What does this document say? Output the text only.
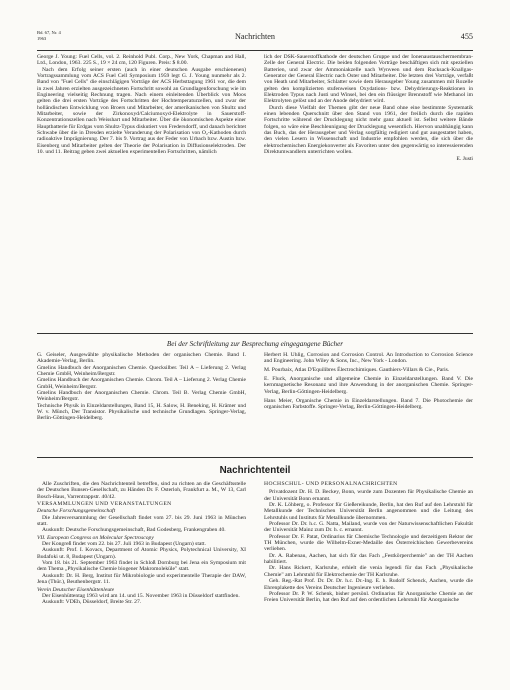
Bd. 67, Nr. 4
1963	Nachrichten	455

George J. Young: Fuel Cells, vol. 2. Reinhold Publ. Corp., New York, Chapman and Hall, Ltd., London, 1963. 225 S., 19 × 24 cm, 120 Figuren. Preis: $ 8.00.

Nach dem Erfolg seiner ersten (auch in einer deutschen Ausgabe erschienenen) Vortragssammlung vom ACS Fuel Cell Symposium 1959 legt G. J. Young nunmehr als 2. Band von "Fuel Cells" die einschlägigen Vorträge der ACS Herbsttagung 1961 vor, die dem in zwei Jahren erzielten ausgezeichneten Fortschritt sowohl an Grundlagenforschung wie im Engineering vielseitig Rechnung tragen. Nach einem einleitenden Überblick von Moos gelten die drei ersten Vorträge des Fortschritten der Hochtemperaturzellen, und zwar der holländischen Entwicklung von Broers und Mitarbeiter, der amerikanischen von Shultz und Mitarbeiter, sowie der Zirkonoxyd/Calciumoxyd-Elektrolyte in Sauerstoff-Konzentrationszellen nach Weisshart und Mitarbeiter. Über die ökonomischen Aspekte einer Hauptbatterie für Erdgas vom Shultz-Typus diskutiert von Fredersdorff, und danach berichtet Schwabe über die in Dresden erzielte Veranderung der Polarisation von O₂-Kathoden durch radioaktive Imprägnierung. Der 7. bis 9. Vortrag aus der Feder von Urbach bzw. Austin bzw. Eisenberg und Mitarbeiter gelten der Theorie der Polarisation in Diffusionselektroden. Der 10. und 11. Beitrag geben zwei aktuellen experimentellen Fortschritten, nämlich

lich der DSK-Sauerstoffkathode der deutschen Gruppe und der Ionenaustauschermembran-Zelle der General Electric. Die beiden folgenden Vorträge beschäftigen sich mit speziellen Batterien, und zwar der Ammoniakzelle nach Wynveen und dem Rucksack-Knallgas-Generator der General Electric nach Oster und Mitarbeiter. Die letzten drei Vorträge, verfaßt von Heath und Mitarbeiter, Schlatter sowie dem Herausgeber Young zusammen mit Rozelle gelten den komplizierten stufenweisen Oxydations- bzw. Dehydrierungs-Reaktionen in Elektroden Typus nach Justi und Winsel, bei den ein flüssiger Brennstoff wie Methanol im Elektrolyten gelöst und an der Anode dehydriert wird.

Durch diese Vielfalt der Themen gibt der neue Band ohne eine bestimmte Systematik einen lebenden Querschnitt über den Stand von 1961, der freilich durch die rapiden Fortschritte während der Drucklegung nicht mehr ganz aktuell ist. Selbst weitere Bände folgen, so wäre eine Beschleunigung der Drucklegung wesentlich. Hiervon unabhängig kann das Buch, das der Herausgeber und Verlag sorgfältig redigiert und gut ausgestattet haben, den vielen Lesern in Wissenschaft und Industrie empfohlen werden, die sich über die elektrochemischen Energiekonverter als Favoriten unter den gegenwärtig so interessierenden Direktumwandlern unterrichten wollen.

E. Justi

Bei der Schriftleitung zur Besprechung eingegangene Bücher

G. Geiseler, Ausgewählte physikalische Methoden der organischen Chemie. Band I. Akademie-Verlag, Berlin.

Gmelins Handbuch der Anorganischen Chemie. Quecksilber. Teil A – Lieferung 2. Verlag Chemie GmbH, Weinheim/Bergstr.

Gmelins Handbuch der Anorganischen Chemie. Chrom. Teil A – Lieferung 2. Verlag Chemie GmbH, Weinheim/Bergstr.

Gmelins Handbuch der Anorganischen Chemie. Chrom. Teil B. Verlag Chemie GmbH, Weinheim/Bergstr.

Technische Physik in Einzeldarstellungen, Band 15, H. Salow, H. Beneking, H. Krämer und W. v. Münch, Der Transistor. Physikalische und technische Grundlagen. Springer-Verlag, Berlin-Göttingen-Heidelberg.

Herbert H. Uhlig, Corrosion and Corrosion Control. An Introduction to Corrosion Science and Engineering. John Wiley & Sons, Inc., New York - London.

M. Pourbaix, Atlas D'Equilibres Électrochimiques. Gauthiers-Villars & Cie., Paris.

E. Fluck, Anorganische und allgemeine Chemie in Einzeldarstellungen. Band V. Die kernmagnetische Resonanz und ihre Anwendung in der anorganischen Chemie. Springer-Verlag, Berlin-Göttingen-Heidelberg.

Hans Meier, Organische Chemie in Einzeldarstellungen. Band 7. Die Photochemie der organischen Farbstoffe. Springer-Verlag, Berlin-Göttingen-Heidelberg.

Nachrichtenteil

Alle Zuschriften, die den Nachrichtenteil betreffen, sind zu richten an die Geschäftsstelle der Deutschen Bunsen-Gesellschaft, zu Händen Dr. F. Osterloh, Frankfurt a. M., W 13, Carl Bosch-Haus, Varrentrappstr. 40/42.

VERSAMMLUNGEN UND VERANSTALTUNGEN

Deutsche Forschungsgemeinschaft

Die Jahresversammlung der Gesellschaft findet vom 27. bis 29. Juni 1963 in München statt.

Auskunft: Deutsche Forschungsgemeinschaft, Bad Godesberg, Frankengraben 40.

VII. European Congress on Molecular Spectroscopy

Der Kongreß findet vom 22. bis 27. Juli 1963 in Budapest (Ungarn) statt.

Auskunft: Prof. I. Kovacs, Department of Atomic Physics, Polytechnical University, XI Budafoki ut. 8, Budapest (Ungarn).

Vom 18. bis 21. September 1963 findet in Schloß Dornburg bei Jena ein Symposium mit dem Thema „Physikalische Chemie biogener Makromoleküle" statt.

Auskunft: Dr. H. Berg, Institut für Mikrobiologie und experimentelle Therapie der DAW, Jena (Thür.), Beuthenbergstr. 11.

Verein Deutscher Eisenhüttenleute

Der Eisenhüttentag 1963 wird am 14. und 15. November 1963 in Düsseldorf stattfinden.

Auskunft: VDEh, Düsseldorf, Breite Str. 27.

HOCHSCHUL- UND PERSONALNACHRICHTEN

Privatdozent Dr. H. D. Beckey, Bonn, wurde zum Dozenten für Physikalische Chemie an der Universität Bonn ernannt.

Dr. K. Löhberg, o. Professor für Gießereikunde, Berlin, hat den Ruf auf den Lehrstuhl für Metallkunde der Technischen Universität Berlin angenommen und die Leitung des Lehrstuhls und Instituts für Metallkunde übernommen.

Professor Dr. Dr. h.c. G. Natta, Mailand, wurde von der Naturwissenschaftlichen Fakultät der Universität Mainz zum Dr. h. c. ernannt.

Professor Dr. F. Patat, Ordinarius für Chemische Technologie und derzeitigem Rektor der TH München, wurde die Wilhelm-Exner-Medaille des Österreichischen Gewerbevereins verliehen.

Dr. A. Rabenau, Aachen, hat sich für das Fach „Festkörperchemie" an der TH Aachen habilitiert.

Dr. Hans Rickert, Karlsruhe, erhielt die venia legendi für das Fach „Physikalische Chemie" am Lehrstuhl für Elektrochemie der TH Karlsruhe.

Geh. Reg.-Rat Prof. Dr. Dr. Dr. h.c. Dr.-Ing. E. h. Rudolf Schenck, Aachen, wurde die Ehrenplakette des Vereins Deutscher Ingenieure verliehen.

Professor Dr. P. W. Schenk, bisher persönl. Ordinarius für Anorganische Chemie an der Freien Universität Berlin, hat den Ruf auf den ordentlichen Lehrstuhl für Anorganische
